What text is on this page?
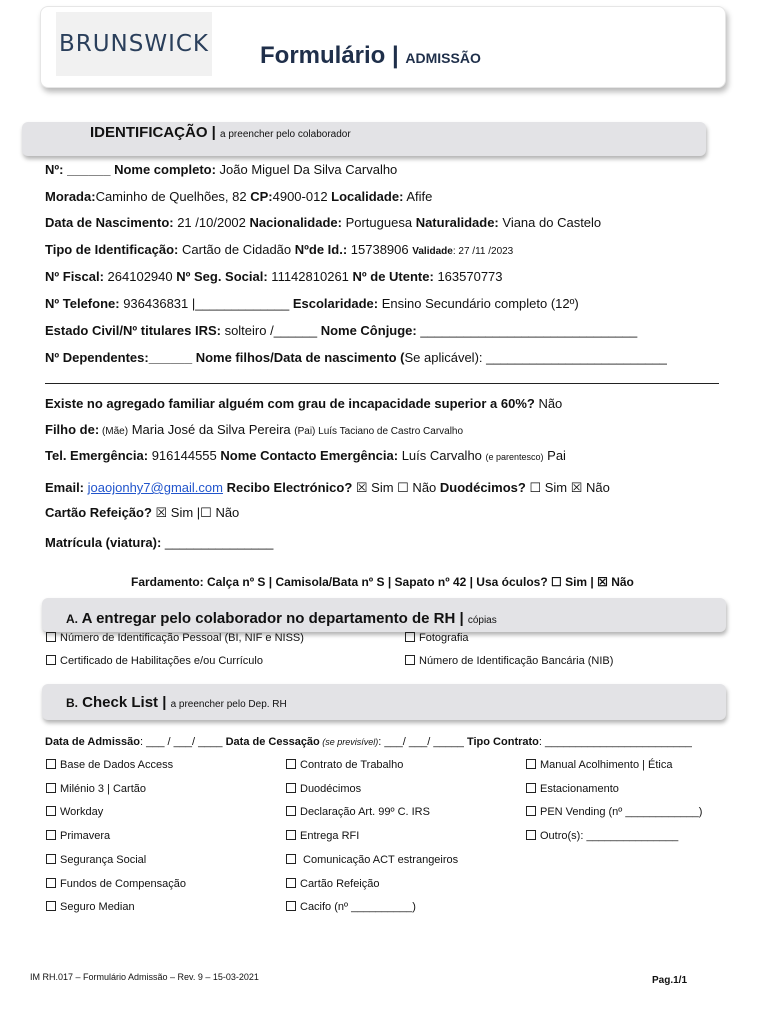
BRUNSWICK Formulário | ADMISSÃO
IDENTIFICAÇÃO | a preencher pelo colaborador
Nº: ______ Nome completo: João Miguel Da Silva Carvalho
Morada:Caminho de Quelhões, 82 CP:4900-012 Localidade: Afife
Data de Nascimento: 21 /10/2002 Nacionalidade: Portuguesa Naturalidade: Viana do Castelo
Tipo de Identificação: Cartão de Cidadão Nºde Id.: 15738906 Validade: 27 /11 /2023
Nº Fiscal: 264102940 Nº Seg. Social: 11142810261 Nº de Utente: 163570773
Nº Telefone: 936436831 |_____________ Escolaridade: Ensino Secundário completo (12º)
Estado Civil/Nº titulares IRS: solteiro /______ Nome Cônjuge: ______________________________
Nº Dependentes:______ Nome filhos/Data de nascimento (Se aplicável): _________________________
Existe no agregado familiar alguém com grau de incapacidade superior a 60%? Não
Filho de: (Mãe) Maria José da Silva Pereira (Pai) Luís Taciano de Castro Carvalho
Tel. Emergência: 916144555 Nome Contacto Emergência: Luís Carvalho (e parentesco) Pai
Email: joaojonhy7@gmail.com Recibo Electrónico? ☒ Sim ☐ Não Duodécimos? ☐ Sim ☒ Não
Cartão Refeição? ☒ Sim |☐ Não
Matrícula (viatura): _______________
Fardamento: Calça nº S | Camisola/Bata nº S | Sapato nº 42 | Usa óculos? ☐ Sim | ☒ Não
A. A entregar pelo colaborador no departamento de RH | cópias
Número de Identificação Pessoal (BI, NIF e NISS)	Fotografia
Certificado de Habilitações e/ou Currículo	Número de Identificação Bancária (NIB)
B. Check List | a preencher pelo Dep. RH
Data de Admissão: ___ / ___/ ____ Data de Cessação (se previsível): ___/ ___/ _____ Tipo Contrato: ________________________
Base de Dados Access
Milénio 3 | Cartão
Workday
Primavera
Segurança Social
Fundos de Compensação
Seguro Median
Contrato de Trabalho
Duodécimos
Declaração Art. 99º C. IRS
Entrega RFI
Comunicação ACT estrangeiros
Cartão Refeição
Cacifo (nº __________)
Manual Acolhimento | Ética
Estacionamento
PEN Vending (nº ____________)
Outro(s): _______________
IM RH.017 – Formulário Admissão – Rev. 9 – 15-03-2021	Pag.1/1
